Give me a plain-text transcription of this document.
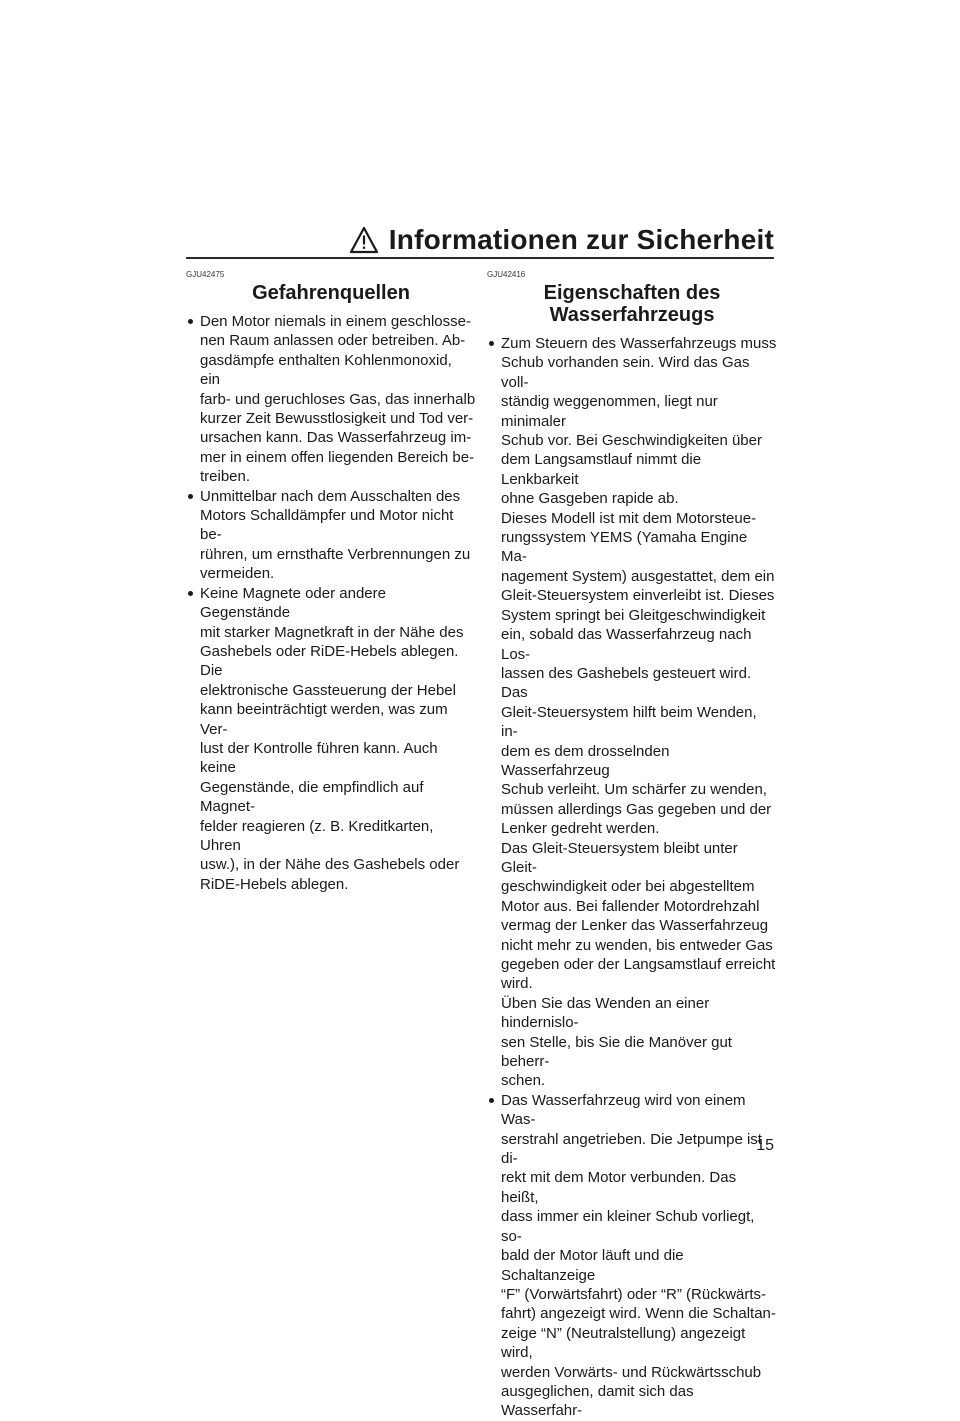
Informationen zur Sicherheit

GJU42475

Gefahrenquellen
Den Motor niemals in einem geschlosse-
nen Raum anlassen oder betreiben. Ab-
gasdämpfe enthalten Kohlenmonoxid, ein
farb- und geruchloses Gas, das innerhalb
kurzer Zeit Bewusstlosigkeit und Tod ver-
ursachen kann. Das Wasserfahrzeug im-
mer in einem offen liegenden Bereich be-
treiben.
Unmittelbar nach dem Ausschalten des
Motors Schalldämpfer und Motor nicht be-
rühren, um ernsthafte Verbrennungen zu
vermeiden.
Keine Magnete oder andere Gegenstände
mit starker Magnetkraft in der Nähe des
Gashebels oder RiDE-Hebels ablegen. Die
elektronische Gassteuerung der Hebel
kann beeinträchtigt werden, was zum Ver-
lust der Kontrolle führen kann. Auch keine
Gegenstände, die empfindlich auf Magnet-
felder reagieren (z. B. Kreditkarten, Uhren
usw.), in der Nähe des Gashebels oder
RiDE-Hebels ablegen.

GJU42416

Eigenschaften des
Wasserfahrzeugs
Zum Steuern des Wasserfahrzeugs muss
Schub vorhanden sein. Wird das Gas voll-
ständig weggenommen, liegt nur minimaler
Schub vor. Bei Geschwindigkeiten über
dem Langsamstlauf nimmt die Lenkbarkeit
ohne Gasgeben rapide ab.
Dieses Modell ist mit dem Motorsteue-
rungssystem YEMS (Yamaha Engine Ma-
nagement System) ausgestattet, dem ein
Gleit-Steuersystem einverleibt ist. Dieses
System springt bei Gleitgeschwindigkeit
ein, sobald das Wasserfahrzeug nach Los-
lassen des Gashebels gesteuert wird. Das
Gleit-Steuersystem hilft beim Wenden, in-
dem es dem drosselnden Wasserfahrzeug
Schub verleiht. Um schärfer zu wenden,
müssen allerdings Gas gegeben und der
Lenker gedreht werden.
Das Gleit-Steuersystem bleibt unter Gleit-
geschwindigkeit oder bei abgestelltem
Motor aus. Bei fallender Motordrehzahl
vermag der Lenker das Wasserfahrzeug
nicht mehr zu wenden, bis entweder Gas
gegeben oder der Langsamstlauf erreicht
wird.
Üben Sie das Wenden an einer hindernislo-
sen Stelle, bis Sie die Manöver gut beherr-
schen.
Das Wasserfahrzeug wird von einem Was-
serstrahl angetrieben. Die Jetpumpe ist di-
rekt mit dem Motor verbunden. Das heißt,
dass immer ein kleiner Schub vorliegt, so-
bald der Motor läuft und die Schaltanzeige
“F” (Vorwärtsfahrt) oder “R” (Rückwärts-
fahrt) angezeigt wird. Wenn die Schaltan-
zeige “N” (Neutralstellung) angezeigt wird,
werden Vorwärts- und Rückwärtsschub
ausgeglichen, damit sich das Wasserfahr-
15
